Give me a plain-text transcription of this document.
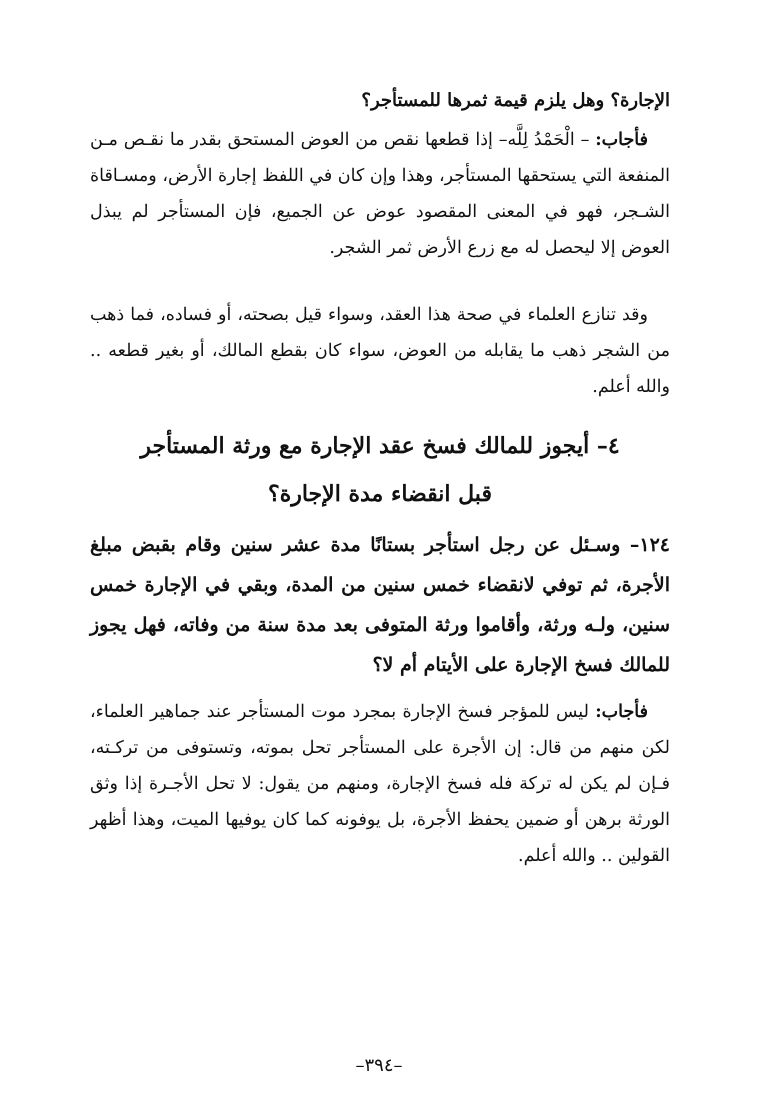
الإجارة؟ وهل يلزم قيمة ثمرها للمستأجر؟

فأجاب: – الْحَمْدُ لِلَّه– إذا قطعها نقص من العوض المستحق بقدر ما نقـص مـن المنفعة التي يستحقها المستأجر، وهذا وإن كان في اللفظ إجارة الأرض، ومسـاقاة الشـجر، فهو في المعنى المقصود عوض عن الجميع، فإن المستأجر لم يبذل العوض إلا ليحصل له مع زرع الأرض ثمر الشجر.

وقد تنازع العلماء في صحة هذا العقد، وسواء قيل بصحته، أو فساده، فما ذهب من الشجر ذهب ما يقابله من العوض، سواء كان بقطع المالك، أو بغير قطعه .. والله أعلم.

٤– أيجوز للمالك فسخ عقد الإجارة مع ورثة المستأجر
قبل انقضاء مدة الإجارة؟

١٢٤– وسـئل عن رجل استأجر بستانًا مدة عشر سنين وقام بقبض مبلغ الأجرة، ثم توفي لانقضاء خمس سنين من المدة، وبقي في الإجارة خمس سنين، ولـه ورثة، وأقاموا ورثة المتوفى بعد مدة سنة من وفاته، فهل يجوز للمالك فسخ الإجارة على الأيتام أم لا؟

فأجاب: ليس للمؤجر فسخ الإجارة بمجرد موت المستأجر عند جماهير العلماء، لكن منهم من قال: إن الأجرة على المستأجر تحل بموته، وتستوفى من تركـته، فـإن لم يكن له تركة فله فسخ الإجارة، ومنهم من يقول: لا تحل الأجـرة إذا وثق الورثة برهن أو ضمين يحفظ الأجرة، بل يوفونه كما كان يوفيها الميت، وهذا أظهر القولين .. والله أعلم.

–٣٩٤–
